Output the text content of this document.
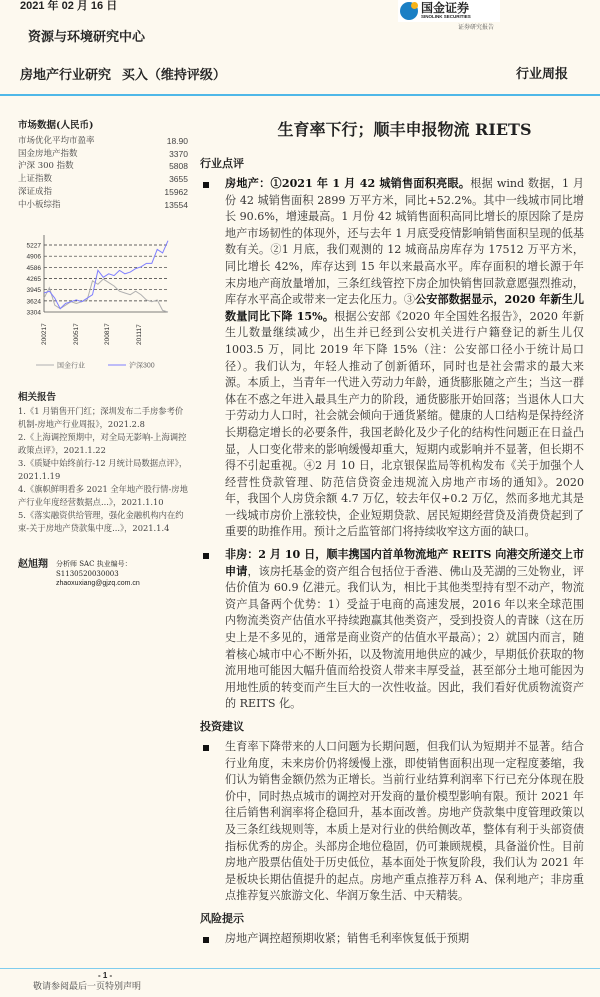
2021 年 02 月 16 日	国金证券
SINOLINK SECURITIES
证券研究报告
资源与环境研究中心
房地产行业研究   买入（维持评级）	行业周报
市场数据(人民币)
市场优化平均市盈率	18.90
国金房地产指数	3370
沪深 300 指数	5808
上证指数	3655
深证成指	15962
中小板综指	13554
5227
4906
4586
4265
3945
3624
3304
200217	200517	200817	201117
国金行业	沪深300
相关报告
1.《1 月销售开门红；深圳发布二手房参考价机制-房地产行业周报》，2021.2.8
2.《上海调控预期中，对全局无影响-上海调控政策点评》，2021.1.22
3.《质疑中始终前行-12 月统计局数据点评》，2021.1.19
4.《旗帜鲜明看多 2021 全年地产股行情-房地产行业年度经营数据点...》，2021.1.10
5.《落实融资供给管理，强化金融机构内在约束-关于房地产贷款集中度...》，2021.1.4
赵旭翔 分析师 SAC 执业编号：S1130520030003
zhaoxuxiang@gjzq.com.cn
生育率下行；顺丰申报物流 RIETS
行业点评
房地产：①2021 年 1 月 42 城销售面积亮眼。根据 wind 数据，1 月份 42 城销售面积 2899 万平方米，同比+52.2%。其中一线城市同比增长 90.6%，增速最高。1 月份 42 城销售面积高同比增长的原因除了是房地产市场韧性的体现外，还与去年 1 月底受疫情影响销售面积呈现的低基数有关。②1 月底，我们观测的 12 城商品房库存为 17512 万平方米，同比增长 42%，库存达到 15 年以来最高水平。库存面积的增长源于年末房地产商放量增加，三条红线管控下房企加快销售回款意愿强烈推动，库存水平高企或带来一定去化压力。③公安部数据显示，2020 年新生儿数量同比下降 15%。根据公安部《2020 年全国姓名报告》，2020 年新生儿数量继续减少，出生并已经到公安机关进行户籍登记的新生儿仅 1003.5 万，同比 2019 年下降 15%（注：公安部口径小于统计局口径）。我们认为，年轻人推动了创新循环，同时也是社会需求的最大来源。本质上，当青年一代进入劳动力年龄，通货膨胀随之产生；当这一群体在不惑之年进入最具生产力的阶段，通货膨胀开始回落；当退休人口大于劳动力人口时，社会就会倾向于通货紧缩。健康的人口结构是保持经济长期稳定增长的必要条件，我国老龄化及少子化的结构性问题正在日益凸显，人口变化带来的影响缓慢却重大，短期内或影响并不显著，但长期不得不引起重视。④2 月 10 日，北京银保监局等机构发布《关于加强个人经营性贷款管理、防范信贷资金违规流入房地产市场的通知》。2020 年，我国个人房贷余额 4.7 万亿，较去年仅+0.2 万亿，然而多地尤其是一线城市房价上涨较快，企业短期贷款、居民短期经营贷及消费贷起到了重要的助推作用。预计之后监管部门将持续收窄这方面的缺口。
非房：2 月 10 日，顺丰携国内首单物流地产 REITS 向港交所递交上市申请，该房托基金的资产组合包括位于香港、佛山及芜湖的三处物业，评估价值为 60.9 亿港元。我们认为，相比于其他类型持有型不动产，物流资产具备两个优势：1）受益于电商的高速发展，2016 年以来全球范围内物流类资产估值水平持续跑赢其他类资产，受到投资人的青睐（这在历史上是不多见的，通常是商业资产的估值水平最高）；2）就国内而言，随着核心城市中心不断外拓，以及物流用地供应的减少，早期低价获取的物流用地可能因大幅升值而给投资人带来丰厚受益，甚至部分土地可能因为用地性质的转变而产生巨大的一次性收益。因此，我们看好优质物流资产的 REITS 化。
投资建议
生育率下降带来的人口问题为长期问题，但我们认为短期并不显著。结合行业角度，未来房价仍将缓慢上涨，即使销售面积出现一定程度萎缩，我们认为销售金额仍然为正增长。当前行业结算利润率下行已充分体现在股价中，同时热点城市的调控对开发商的量价模型影响有限。预计 2021 年往后销售利润率将企稳回升，基本面改善。房地产贷款集中度管理政策以及三条红线规则等，本质上是对行业的供给侧改革，整体有利于头部资债指标优秀的房企。头部房企地位稳固，仍可兼顾规模，具备溢价性。目前房地产股票估值处于历史低位，基本面处于恢复阶段，我们认为 2021 年是板块长期估值提升的起点。房地产重点推荐万科 A、保利地产；非房重点推荐复兴旅游文化、华润万象生活、中天精装。
风险提示
房地产调控超预期收紧；销售毛利率恢复低于预期
- 1 -
敬请参阅最后一页特别声明
